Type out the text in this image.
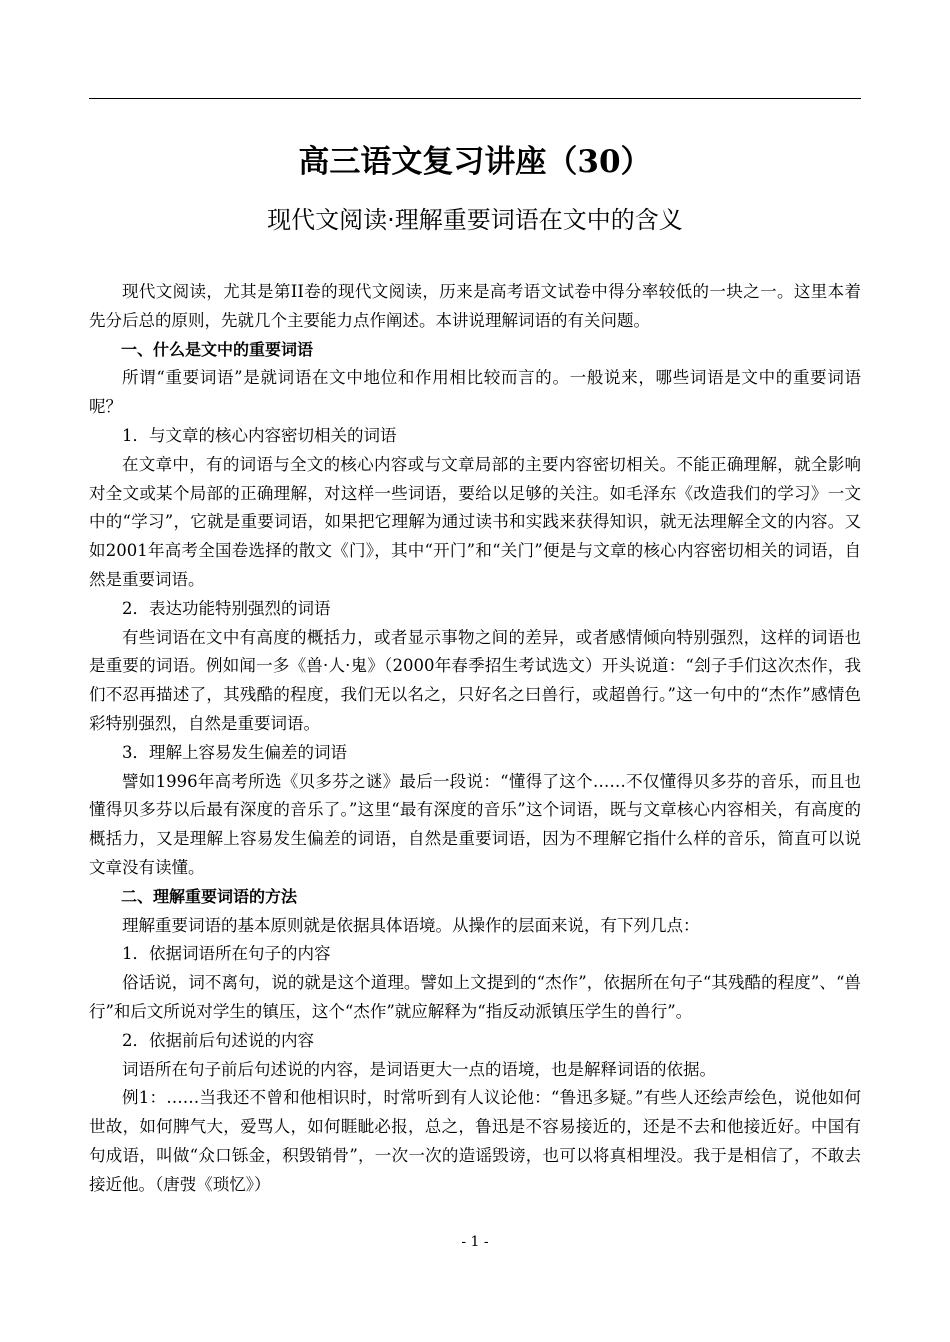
高三语文复习讲座（30）
现代文阅读·理解重要词语在文中的含义

现代文阅读，尤其是第II卷的现代文阅读，历来是高考语文试卷中得分率较低的一块之一。这里本着先分后总的原则，先就几个主要能力点作阐述。本讲说理解词语的有关问题。

一、什么是文中的重要词语

所谓“重要词语”是就词语在文中地位和作用相比较而言的。一般说来，哪些词语是文中的重要词语呢？

1．与文章的核心内容密切相关的词语

在文章中，有的词语与全文的核心内容或与文章局部的主要内容密切相关。不能正确理解，就全影响对全文或某个局部的正确理解，对这样一些词语，要给以足够的关注。如毛泽东《改造我们的学习》一文中的“学习”，它就是重要词语，如果把它理解为通过读书和实践来获得知识，就无法理解全文的内容。又如2001年高考全国卷选择的散文《门》，其中“开门”和“关门”便是与文章的核心内容密切相关的词语，自然是重要词语。

2．表达功能特别强烈的词语

有些词语在文中有高度的概括力，或者显示事物之间的差异，或者感情倾向特别强烈，这样的词语也是重要的词语。例如闻一多《兽·人·鬼》（2000年春季招生考试选文）开头说道：“刽子手们这次杰作，我们不忍再描述了，其残酷的程度，我们无以名之，只好名之曰兽行，或超兽行。”这一句中的“杰作”感情色彩特别强烈，自然是重要词语。

3．理解上容易发生偏差的词语

譬如1996年高考所选《贝多芬之谜》最后一段说：“懂得了这个……不仅懂得贝多芬的音乐，而且也懂得贝多芬以后最有深度的音乐了。”这里“最有深度的音乐”这个词语，既与文章核心内容相关，有高度的概括力，又是理解上容易发生偏差的词语，自然是重要词语，因为不理解它指什么样的音乐，简直可以说文章没有读懂。

二、理解重要词语的方法

理解重要词语的基本原则就是依据具体语境。从操作的层面来说，有下列几点：

1．依据词语所在句子的内容

俗话说，词不离句，说的就是这个道理。譬如上文提到的“杰作”，依据所在句子“其残酷的程度”、“兽行”和后文所说对学生的镇压，这个“杰作”就应解释为“指反动派镇压学生的兽行”。

2．依据前后句述说的内容

词语所在句子前后句述说的内容，是词语更大一点的语境，也是解释词语的依据。

例1：……当我还不曾和他相识时，时常听到有人议论他：“鲁迅多疑。”有些人还绘声绘色，说他如何世故，如何脾气大，爱骂人，如何睚眦必报，总之，鲁迅是不容易接近的，还是不去和他接近好。中国有句成语，叫做“众口铄金，积毁销骨”，一次一次的造谣毁谤，也可以将真相埋没。我于是相信了，不敢去接近他。（唐弢《琐忆》）

- 1 -
